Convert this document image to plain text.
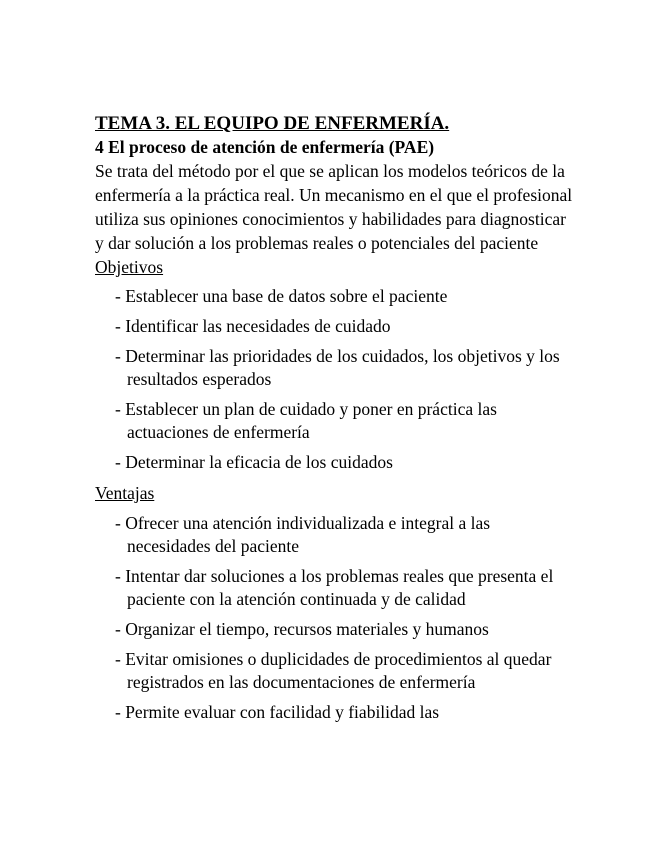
TEMA 3. EL EQUIPO DE ENFERMERÍA.
4 El proceso de atención de enfermería (PAE)

Se trata del método por el que se aplican los modelos teóricos de la enfermería a la práctica real. Un mecanismo en el que el profesional utiliza sus opiniones conocimientos y habilidades para diagnosticar y dar solución a los problemas reales o potenciales del paciente

Objetivos
- Establecer una base de datos sobre el paciente
- Identificar las necesidades de cuidado
- Determinar las prioridades de los cuidados, los objetivos y los resultados esperados
- Establecer un plan de cuidado y poner en práctica las actuaciones de enfermería
- Determinar la eficacia de los cuidados
Ventajas
- Ofrecer una atención individualizada e integral a las necesidades del paciente
- Intentar dar soluciones a los problemas reales que presenta el paciente con la atención continuada y de calidad
- Organizar el tiempo, recursos materiales y humanos
- Evitar omisiones o duplicidades de procedimientos al quedar registrados en las documentaciones de enfermería
- Permite evaluar con facilidad y fiabilidad las
